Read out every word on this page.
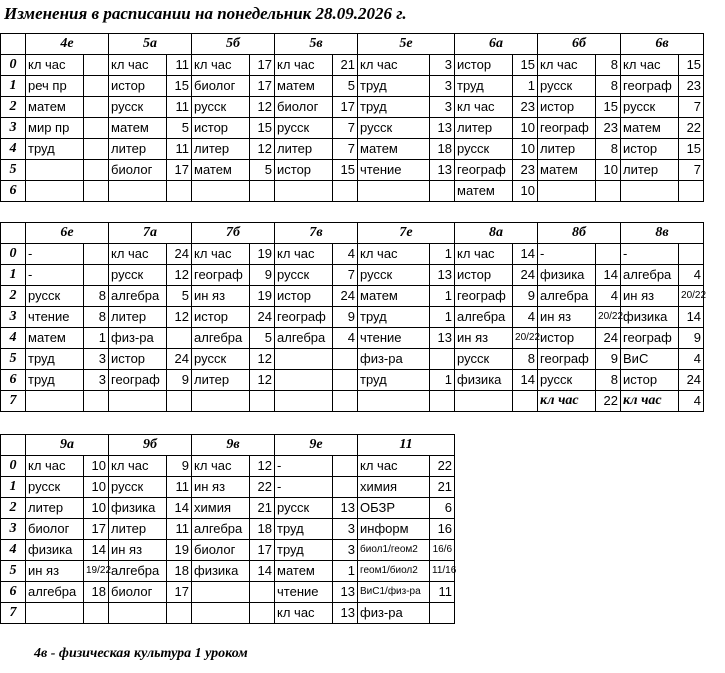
Изменения в расписании на понедельник 28.09.2026 г.
	4е		5а		5б		5в		5е		6а		6б		6в	
0	кл час		кл час	11	кл час	17	кл час	21	кл час	3	истор	15	кл час	8	кл час	15
1	реч пр		истор	15	биолог	17	матем	5	труд	3	труд	1	русск	8	географ	23
2	матем		русск	11	русск	12	биолог	17	труд	3	кл час	23	истор	15	русск	7
3	мир пр		матем	5	истор	15	русск	7	русск	13	литер	10	географ	23	матем	22
4	труд		литер	11	литер	12	литер	7	матем	18	русск	10	литер	8	истор	15
5			биолог	17	матем	5	истор	15	чтение	13	географ	23	матем	10	литер	7
6											матем	10				
	6е		7а		7б		7в		7е		8а		8б		8в	
0	-		кл час	24	кл час	19	кл час	4	кл час	1	кл час	14	-		-	
1	-		русск	12	географ	9	русск	7	русск	13	истор	24	физика	14	алгебра	4
2	русск	8	алгебра	5	ин яз	19	истор	24	матем	1	географ	9	алгебра	4	ин яз	20/22
3	чтение	8	литер	12	истор	24	географ	9	труд	1	алгебра	4	ин яз	20/22	физика	14
4	матем	1	физ-ра		алгебра	5	алгебра	4	чтение	13	ин яз	20/22	истор	24	географ	9
5	труд	3	истор	24	русск	12			физ-ра		русск	8	географ	9	ВиС	4
6	труд	3	географ	9	литер	12			труд	1	физика	14	русск	8	истор	24
7													кл час	22	кл час	4
	9а		9б		9в		9е		11	
0	кл час	10	кл час	9	кл час	12	-		кл час	22
1	русск	10	русск	11	ин яз	22	-		химия	21
2	литер	10	физика	14	химия	21	русск	13	ОБЗР	6
3	биолог	17	литер	11	алгебра	18	труд	3	информ	16
4	физика	14	ин яз	19	биолог	17	труд	3	биол1/геом2	16/6
5	ин яз	19/22	алгебра	18	физика	14	матем	1	геом1/биол2	11/16
6	алгебра	18	биолог	17			чтение	13	ВиС1/физ-ра	11
7							кл час	13	физ-ра	
4в - физическая культура 1 уроком
